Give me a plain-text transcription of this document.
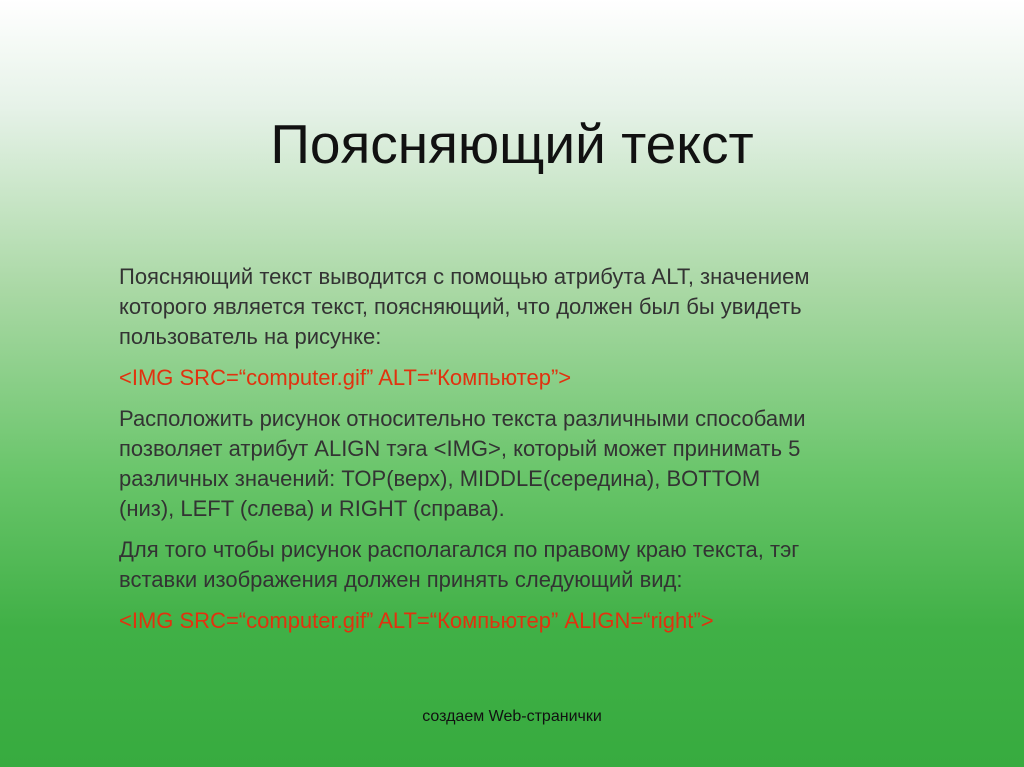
Поясняющий текст

Поясняющий текст выводится с помощью атрибута ALT, значением
которого является текст, поясняющий, что должен был бы увидеть
пользователь на рисунке:

<IMG SRC=“computer.gif” ALT=“Компьютер”>

Расположить рисунок относительно текста различными способами
позволяет атрибут ALIGN тэга <IMG>, который может принимать 5
различных значений: TOP(верх), MIDDLE(середина), BOTTOM
(низ), LEFT (слева) и RIGHT (справа).

Для того чтобы рисунок располагался по правому краю текста, тэг
вставки изображения должен принять следующий вид:

<IMG SRC=“computer.gif” ALT=“Компьютер” ALIGN=“right”>

создаем Web-странички
